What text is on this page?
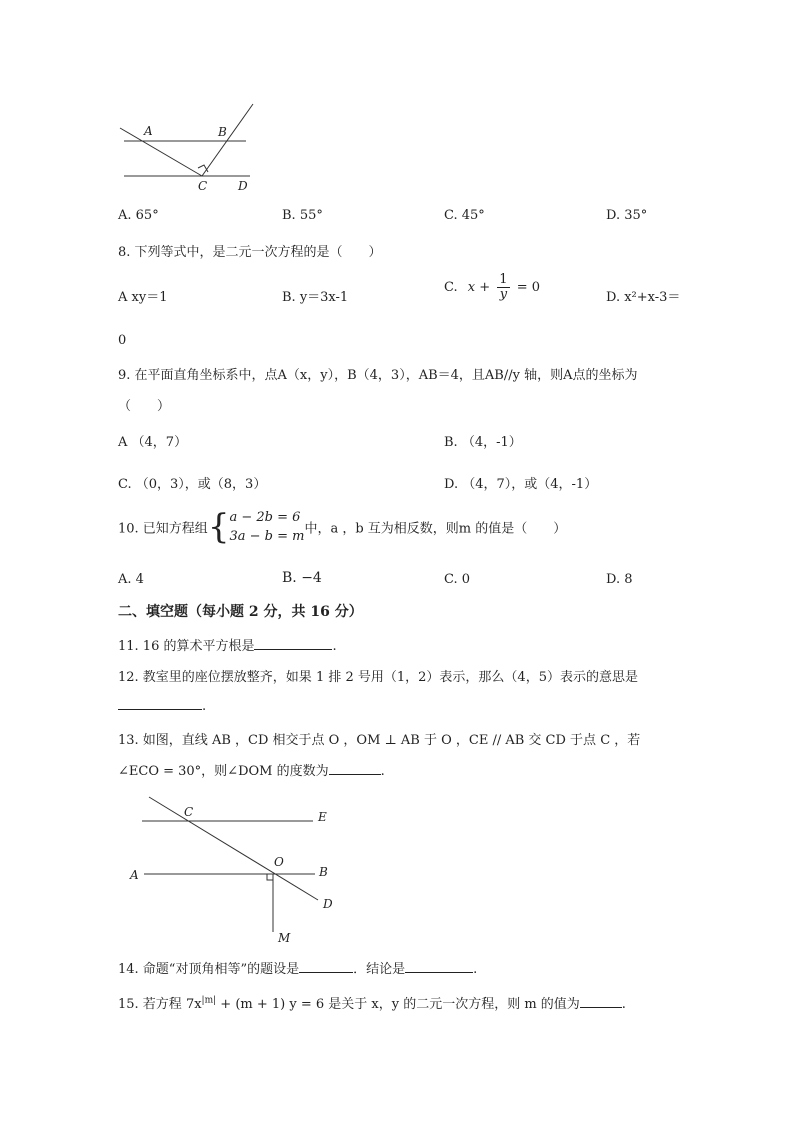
A	B
C	D
A. 65°	B. 55°	C. 45°	D. 35°
8. 下列等式中，是二元一次方程的是（　　）
A xy＝1	B. y＝3x-1
C. $x + \frac{1}{y} = 0$
D. x²+x-3＝
0
9. 在平面直角坐标系中，点A（x，y），B（4，3），AB＝4，且AB//y 轴，则A点的坐标为
（　　）
A （4，7）	B. （4，-1）
C. （0，3），或（8，3）	D. （4，7），或（4，-1）
10. 已知方程组{ a − 2b = 6
3a − b = m 中，a ，b 互为相反数，则m 的值是（　　）
A. 4	B. −4	C. 0	D. 8
二、填空题（每小题 2 分，共 16 分）
11. 16 的算术平方根是	.
12. 教室里的座位摆放整齐，如果 1 排 2 号用（1，2）表示，那么（4，5）表示的意思是
.
13. 如图，直线 AB ，CD 相交于点 O ，OM ⊥ AB 于 O ，CE // AB 交 CD 于点 C ，若
∠ECO = 30°，则∠DOM 的度数为	.
C	E
O
A	B
D
M
14. 命题“对顶角相等”的题设是	．结论是	.
15. 若方程 $7x^{|m|} + (m + 1) y = 6$ 是关于 x，y 的二元一次方程，则 m 的值为	.
